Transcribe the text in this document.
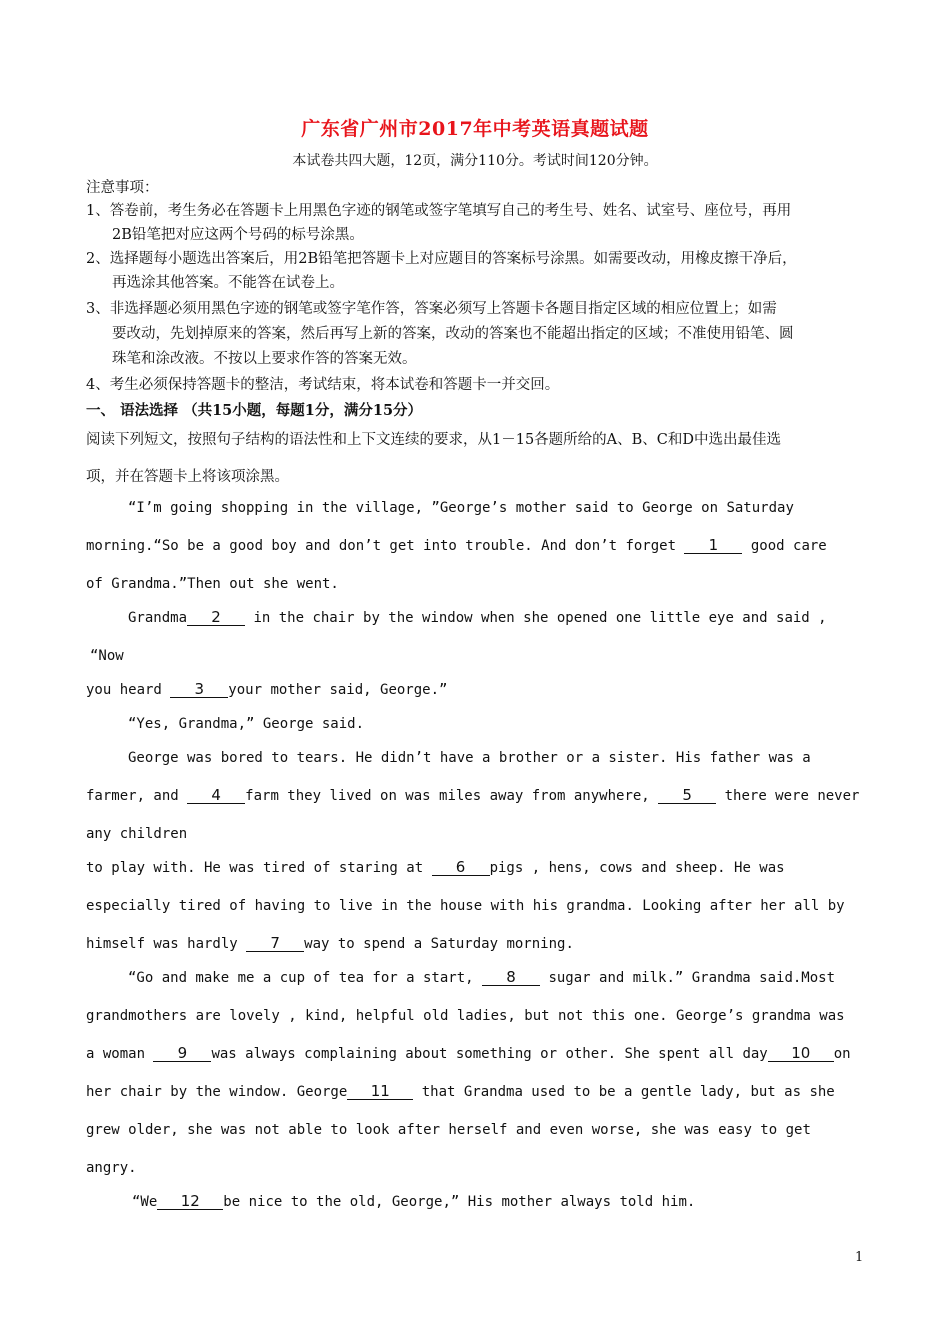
广东省广州市2017年中考英语真题试题
本试卷共四大题，12页，满分110分。考试时间120分钟。
注意事项：
1、答卷前，考生务必在答题卡上用黑色字迹的钢笔或签字笔填写自己的考生号、姓名、试室号、座位号，再用
2B铅笔把对应这两个号码的标号涂黑。
2、选择题每小题选出答案后，用2B铅笔把答题卡上对应题目的答案标号涂黑。如需要改动，用橡皮擦干净后，
再选涂其他答案。不能答在试卷上。
3、非选择题必须用黑色字迹的钢笔或签字笔作答，答案必须写上答题卡各题目指定区域的相应位置上；如需
要改动，先划掉原来的答案，然后再写上新的答案，改动的答案也不能超出指定的区域；不准使用铅笔、圆
珠笔和涂改液。不按以上要求作答的答案无效。
4、考生必须保持答题卡的整洁，考试结束，将本试卷和答题卡一并交回。
一、 语法选择 （共15小题，每题1分，满分15分）
阅读下列短文，按照句子结构的语法性和上下文连续的要求，从1－15各题所给的A、B、C和D中选出最佳选
项，并在答题卡上将该项涂黑。
“I’m going shopping in the village, ”George’s mother said to George on Saturday
morning.“So be a good boy and don’t get into trouble. And don’t forget 1 good care
of Grandma.”Then out she went.
Grandma 2 in the chair by the window when she opened one little eye and said ,
“Now
you heard 3 your mother said, George.”
“Yes, Grandma,” George said.
George was bored to tears. He didn’t have a brother or a sister. His father was a
farmer, and 4 farm they lived on was miles away from anywhere, 5 there were never
any children
to play with. He was tired of staring at 6 pigs , hens, cows and sheep. He was
especially tired of having to live in the house with his grandma. Looking after her all by
himself was hardly 7 way to spend a Saturday morning.
“Go and make me a cup of tea for a start, 8 sugar and milk.” Grandma said.Most
grandmothers are lovely , kind, helpful old ladies, but not this one. George’s grandma was
a woman 9 was always complaining about something or other. She spent all day 10 on
her chair by the window. George 11 that Grandma used to be a gentle lady, but as she
grew older, she was not able to look after herself and even worse, she was easy to get
angry.
“We 12 be nice to the old, George,” His mother always told him.
1
